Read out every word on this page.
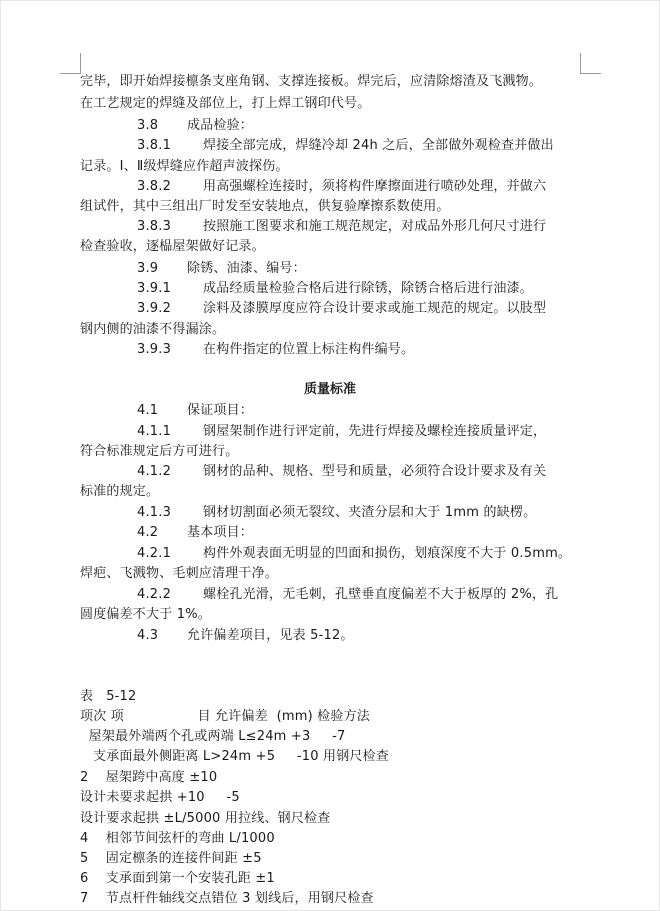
完毕，即开始焊接檩条支座角钢、支撑连接板。焊完后，应清除熔渣及飞溅物。
在工艺规定的焊缝及部位上，打上焊工钢印代号。
3.8 成品检验：
3.8.1 焊接全部完成，焊缝冷却 24h 之后，全部做外观检查并做出
记录。Ⅰ、Ⅱ级焊缝应作超声波探伤。
3.8.2 用高强螺栓连接时，须将构件摩擦面进行喷砂处理，并做六
组试件，其中三组出厂时发至安装地点，供复验摩擦系数使用。
3.8.3 按照施工图要求和施工规范规定，对成品外形几何尺寸进行
检查验收，逐榀屋架做好记录。
3.9 除锈、油漆、编号：
3.9.1 成品经质量检验合格后进行除锈，除锈合格后进行油漆。
3.9.2 涂料及漆膜厚度应符合设计要求或施工规范的规定。以肢型
钢内侧的油漆不得漏涂。
3.9.3 在构件指定的位置上标注构件编号。
质量标准
4.1 保证项目：
4.1.1 钢屋架制作进行评定前，先进行焊接及螺栓连接质量评定，
符合标准规定后方可进行。
4.1.2 钢材的品种、规格、型号和质量，必须符合设计要求及有关
标准的规定。
4.1.3 钢材切割面必须无裂纹、夹渣分层和大于 1mm 的缺楞。
4.2 基本项目：
4.2.1 构件外观表面无明显的凹面和损伤，划痕深度不大于 0.5mm。
焊疤、飞溅物、毛刺应清理干净。
4.2.2 螺栓孔光滑，无毛刺，孔壁垂直度偏差不大于板厚的 2%，孔
圆度偏差不大于 1%。
4.3 允许偏差项目，见表 5-12。
表   5-12
项次 项                 目 允许偏差  (mm) 检验方法
屋架最外端两个孔或两端 L≤24m +3     -7
支承面最外侧距离 L>24m +5     -10 用钢尺检查
2    屋架跨中高度 ±10
设计未要求起拱 +10     -5
设计要求起拱 ±L/5000 用拉线、钢尺检查
4    相邻节间弦杆的弯曲 L/1000
5    固定檩条的连接件间距 ±5
6    支承面到第一个安装孔距 ±1
7    节点杆件轴线交点错位 3 划线后，用钢尺检查
